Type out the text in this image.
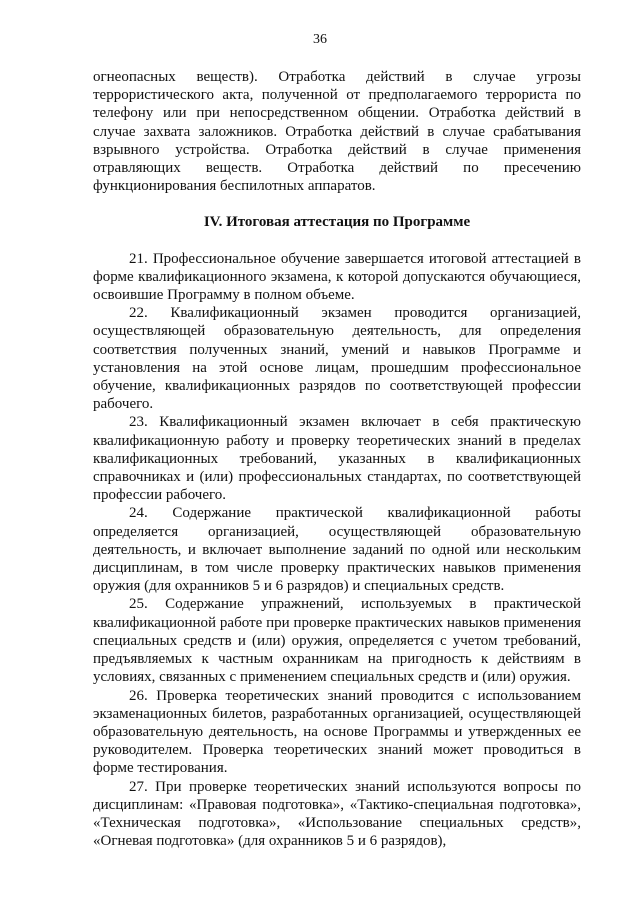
36

огнеопасных веществ). Отработка действий в случае угрозы террористического акта, полученной от предполагаемого террориста по телефону или при непосредственном общении. Отработка действий в случае захвата заложников. Отработка действий в случае срабатывания взрывного устройства. Отработка действий в случае применения отравляющих веществ. Отработка действий по пресечению функционирования беспилотных аппаратов.

IV. Итоговая аттестация по Программе

21. Профессиональное обучение завершается итоговой аттестацией в форме квалификационного экзамена, к которой допускаются обучающиеся, освоившие Программу в полном объеме.

22. Квалификационный экзамен проводится организацией, осуществляющей образовательную деятельность, для определения соответствия полученных знаний, умений и навыков Программе и установления на этой основе лицам, прошедшим профессиональное обучение, квалификационных разрядов по соответствующей профессии рабочего.

23. Квалификационный экзамен включает в себя практическую квалификационную работу и проверку теоретических знаний в пределах квалификационных требований, указанных в квалификационных справочниках и (или) профессиональных стандартах, по соответствующей профессии рабочего.

24. Содержание практической квалификационной работы определяется организацией, осуществляющей образовательную деятельность, и включает выполнение заданий по одной или нескольким дисциплинам, в том числе проверку практических навыков применения оружия (для охранников 5 и 6 разрядов) и специальных средств.

25. Содержание упражнений, используемых в практической квалификационной работе при проверке практических навыков применения специальных средств и (или) оружия, определяется с учетом требований, предъявляемых к частным охранникам на пригодность к действиям в условиях, связанных с применением специальных средств и (или) оружия.

26. Проверка теоретических знаний проводится с использованием экзаменационных билетов, разработанных организацией, осуществляющей образовательную деятельность, на основе Программы и утвержденных ее руководителем. Проверка теоретических знаний может проводиться в форме тестирования.

27. При проверке теоретических знаний используются вопросы по дисциплинам: «Правовая подготовка», «Тактико-специальная подготовка», «Техническая подготовка», «Использование специальных средств», «Огневая подготовка» (для охранников 5 и 6 разрядов),
